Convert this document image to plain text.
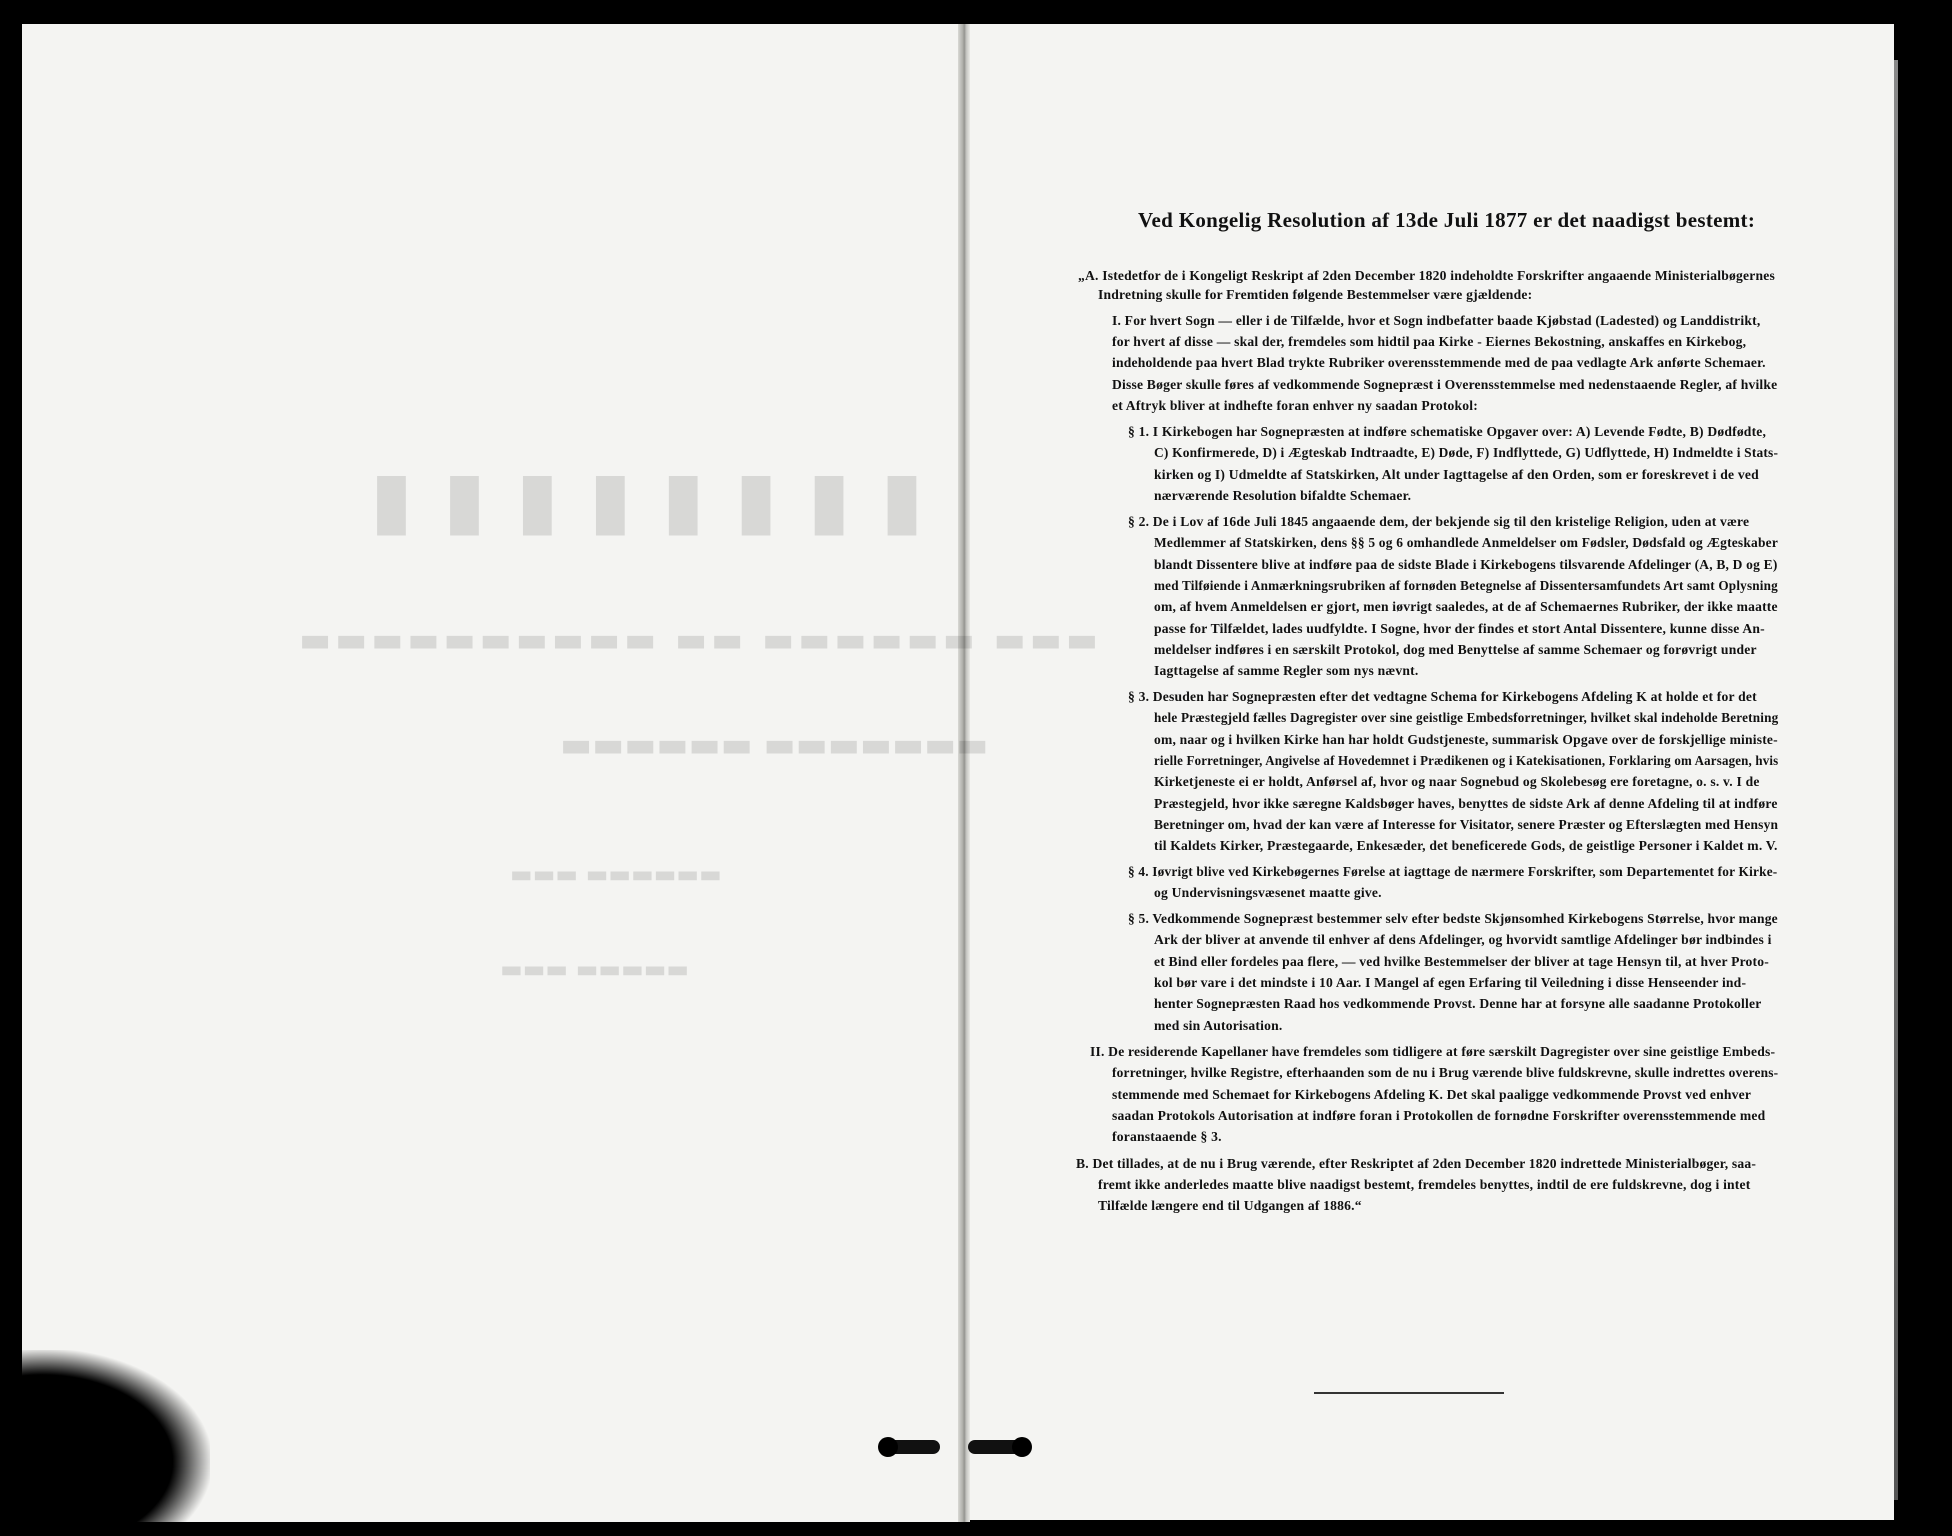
▮▮▮▮▮▮▮▮
▬▬▬ ▬▬▬▬▬▬ ▬▬ ▬▬▬▬▬▬▬▬▬▬
▬▬▬▬▬▬▬ ▬▬▬▬▬▬
▬▬▬▬▬▬ ▬▬▬
▬▬▬▬▬ ▬▬▬
Ved Kongelig Resolution af 13de Juli 1877 er det naadigst bestemt:
„A. Istedetfor de i Kongeligt Reskript af 2den December 1820 indeholdte Forskrifter angaaende Ministerialbøgernes
Indretning skulle for Fremtiden følgende Bestemmelser være gjældende:
I. For hvert Sogn — eller i de Tilfælde, hvor et Sogn indbefatter baade Kjøbstad (Ladested) og Landdistrikt,
for hvert af disse — skal der, fremdeles som hidtil paa Kirke - Eiernes Bekostning, anskaffes en Kirkebog,
indeholdende paa hvert Blad trykte Rubriker overensstemmende med de paa vedlagte Ark anførte Schemaer.
Disse Bøger skulle føres af vedkommende Sognepræst i Overensstemmelse med nedenstaaende Regler, af hvilke
et Aftryk bliver at indhefte foran enhver ny saadan Protokol:
§ 1. I Kirkebogen har Sognepræsten at indføre schematiske Opgaver over: A) Levende Fødte, B) Dødfødte,
C) Konfirmerede, D) i Ægteskab Indtraadte, E) Døde, F) Indflyttede, G) Udflyttede, H) Indmeldte i Stats-
kirken og I) Udmeldte af Statskirken, Alt under Iagttagelse af den Orden, som er foreskrevet i de ved
nærværende Resolution bifaldte Schemaer.
§ 2. De i Lov af 16de Juli 1845 angaaende dem, der bekjende sig til den kristelige Religion, uden at være
Medlemmer af Statskirken, dens §§ 5 og 6 omhandlede Anmeldelser om Fødsler, Dødsfald og Ægteskaber
blandt Dissentere blive at indføre paa de sidste Blade i Kirkebogens tilsvarende Afdelinger (A, B, D og E)
med Tilføiende i Anmærkningsrubriken af fornøden Betegnelse af Dissentersamfundets Art samt Oplysning
om, af hvem Anmeldelsen er gjort, men iøvrigt saaledes, at de af Schemaernes Rubriker, der ikke maatte
passe for Tilfældet, lades uudfyldte. I Sogne, hvor der findes et stort Antal Dissentere, kunne disse An-
meldelser indføres i en særskilt Protokol, dog med Benyttelse af samme Schemaer og forøvrigt under
Iagttagelse af samme Regler som nys nævnt.
§ 3. Desuden har Sognepræsten efter det vedtagne Schema for Kirkebogens Afdeling K at holde et for det
hele Præstegjeld fælles Dagregister over sine geistlige Embedsforretninger, hvilket skal indeholde Beretning
om, naar og i hvilken Kirke han har holdt Gudstjeneste, summarisk Opgave over de forskjellige ministe-
rielle Forretninger, Angivelse af Hovedemnet i Prædikenen og i Katekisationen, Forklaring om Aarsagen, hvis
Kirketjeneste ei er holdt, Anførsel af, hvor og naar Sognebud og Skolebesøg ere foretagne, o. s. v. I de
Præstegjeld, hvor ikke særegne Kaldsbøger haves, benyttes de sidste Ark af denne Afdeling til at indføre
Beretninger om, hvad der kan være af Interesse for Visitator, senere Præster og Efterslægten med Hensyn
til Kaldets Kirker, Præstegaarde, Enkesæder, det beneficerede Gods, de geistlige Personer i Kaldet m. V.
§ 4. Iøvrigt blive ved Kirkebøgernes Førelse at iagttage de nærmere Forskrifter, som Departementet for Kirke-
og Undervisningsvæsenet maatte give.
§ 5. Vedkommende Sognepræst bestemmer selv efter bedste Skjønsomhed Kirkebogens Størrelse, hvor mange
Ark der bliver at anvende til enhver af dens Afdelinger, og hvorvidt samtlige Afdelinger bør indbindes i
et Bind eller fordeles paa flere, — ved hvilke Bestemmelser der bliver at tage Hensyn til, at hver Proto-
kol bør vare i det mindste i 10 Aar. I Mangel af egen Erfaring til Veiledning i disse Henseender ind-
henter Sognepræsten Raad hos vedkommende Provst. Denne har at forsyne alle saadanne Protokoller
med sin Autorisation.
II. De residerende Kapellaner have fremdeles som tidligere at føre særskilt Dagregister over sine geistlige Embeds-
forretninger, hvilke Registre, efterhaanden som de nu i Brug værende blive fuldskrevne, skulle indrettes overens-
stemmende med Schemaet for Kirkebogens Afdeling K. Det skal paaligge vedkommende Provst ved enhver
saadan Protokols Autorisation at indføre foran i Protokollen de fornødne Forskrifter overensstemmende med
foranstaaende § 3.
B. Det tillades, at de nu i Brug værende, efter Reskriptet af 2den December 1820 indrettede Ministerialbøger, saa-
fremt ikke anderledes maatte blive naadigst bestemt, fremdeles benyttes, indtil de ere fuldskrevne, dog i intet
Tilfælde længere end til Udgangen af 1886.“
